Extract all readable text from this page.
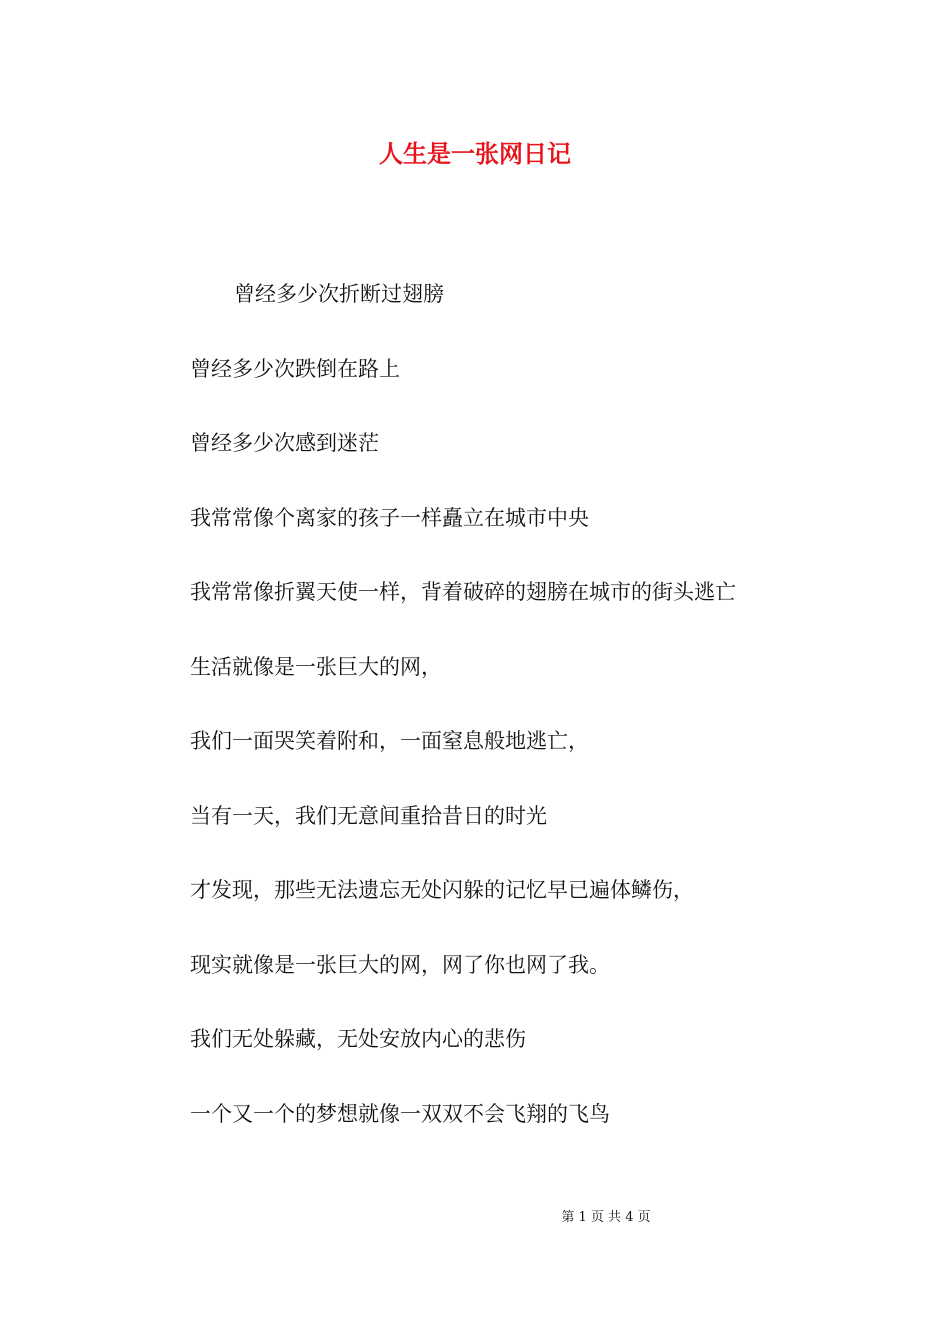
人生是一张网日记
曾经多少次折断过翅膀
曾经多少次跌倒在路上
曾经多少次感到迷茫
我常常像个离家的孩子一样矗立在城市中央
我常常像折翼天使一样，背着破碎的翅膀在城市的街头逃亡
生活就像是一张巨大的网，
我们一面哭笑着附和，一面窒息般地逃亡，
当有一天，我们无意间重拾昔日的时光
才发现，那些无法遗忘无处闪躲的记忆早已遍体鳞伤，
现实就像是一张巨大的网，网了你也网了我。
我们无处躲藏，无处安放内心的悲伤
一个又一个的梦想就像一双双不会飞翔的飞鸟
第 1 页 共 4 页
